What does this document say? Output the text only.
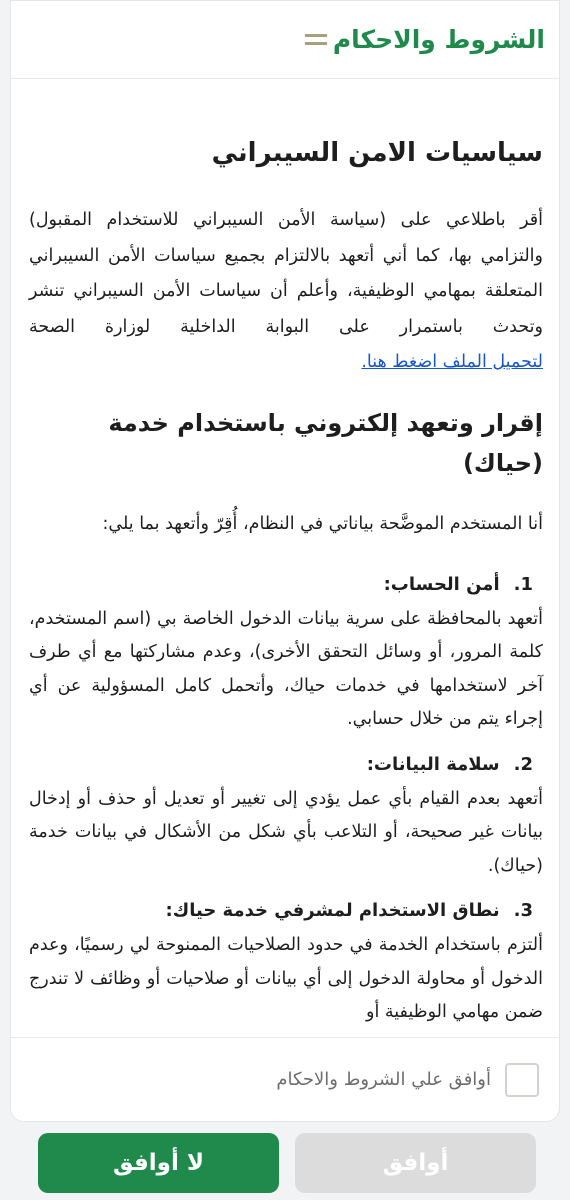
الشروط والاحكام
سياسيات الامن السيبراني

أقر باطلاعي على (سياسة الأمن السيبراني للاستخدام المقبول) والتزامي بها، كما أني أتعهد بالالتزام بجميع سياسات الأمن السيبراني المتعلقة بمهامي الوظيفية، وأعلم أن سياسات الأمن السيبراني تنشر وتحدث باستمرار على البوابة الداخلية لوزارة الصحة لتحميل الملف اضغط هنا.

إقرار وتعهد إلكتروني باستخدام خدمة (حياك)

أنا المستخدم الموضَّحة بياناتي في النظام، أُقِرّ وأتعهد بما يلي:

1.
أمن الحساب:

أتعهد بالمحافظة على سرية بيانات الدخول الخاصة بي (اسم المستخدم، كلمة المرور، أو وسائل التحقق الأخرى)، وعدم مشاركتها مع أي طرف آخر لاستخدامها في خدمات حياك، وأتحمل كامل المسؤولية عن أي إجراء يتم من خلال حسابي.

2.
سلامة البيانات:

أتعهد بعدم القيام بأي عمل يؤدي إلى تغيير أو تعديل أو حذف أو إدخال بيانات غير صحيحة، أو التلاعب بأي شكل من الأشكال في بيانات خدمة (حياك).

3.
نطاق الاستخدام لمشرفي خدمة حياك:

ألتزم باستخدام الخدمة في حدود الصلاحيات الممنوحة لي رسميًا، وعدم الدخول أو محاولة الدخول إلى أي بيانات أو صلاحيات أو وظائف لا تندرج ضمن مهامي الوظيفية أو

أوافق علي الشروط والاحكام
أوافق
لا أوافق
